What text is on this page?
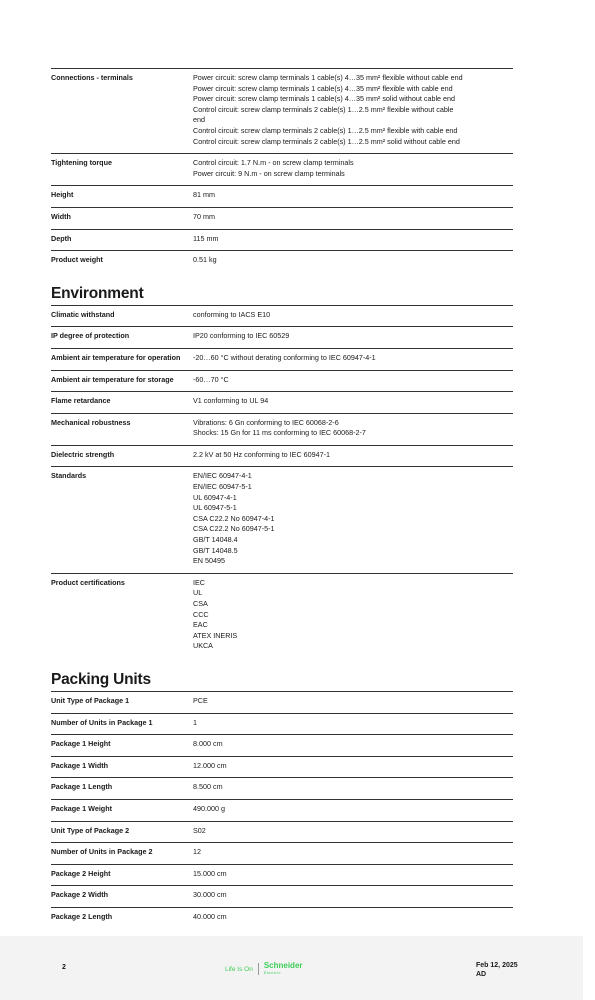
Connections - terminals	Power circuit: screw clamp terminals 1 cable(s) 4…35 mm² flexible without cable end
Power circuit: screw clamp terminals 1 cable(s) 4…35 mm² flexible with cable end
Power circuit: screw clamp terminals 1 cable(s) 4…35 mm² solid without cable end
Control circuit: screw clamp terminals 2 cable(s) 1…2.5 mm² flexible without cable
end
Control circuit: screw clamp terminals 2 cable(s) 1…2.5 mm² flexible with cable end
Control circuit: screw clamp terminals 2 cable(s) 1…2.5 mm² solid without cable end
Tightening torque	Control circuit: 1.7 N.m - on screw clamp terminals
Power circuit: 9 N.m - on screw clamp terminals
Height	81 mm
Width	70 mm
Depth	115 mm
Product weight	0.51 kg
Environment
Climatic withstand	conforming to IACS E10
IP degree of protection	IP20 conforming to IEC 60529
Ambient air temperature for operation	-20…60 °C without derating conforming to IEC 60947-4-1
Ambient air temperature for storage	-60…70 °C
Flame retardance	V1 conforming to UL 94
Mechanical robustness	Vibrations: 6 Gn conforming to IEC 60068-2-6
Shocks: 15 Gn for 11 ms conforming to IEC 60068-2-7
Dielectric strength	2.2 kV at 50 Hz conforming to IEC 60947-1
Standards	EN/IEC 60947-4-1
EN/IEC 60947-5-1
UL 60947-4-1
UL 60947-5-1
CSA C22.2 No 60947-4-1
CSA C22.2 No 60947-5-1
GB/T 14048.4
GB/T 14048.5
EN 50495
Product certifications	IEC
UL
CSA
CCC
EAC
ATEX INERIS
UKCA
Packing Units
Unit Type of Package 1	PCE
Number of Units in Package 1	1
Package 1 Height	8.000 cm
Package 1 Width	12.000 cm
Package 1 Length	8.500 cm
Package 1 Weight	490.000 g
Unit Type of Package 2	S02
Number of Units in Package 2	12
Package 2 Height	15.000 cm
Package 2 Width	30.000 cm
Package 2 Length	40.000 cm
2	Life Is On Schneider
Electric
Feb 12, 2025
AD
